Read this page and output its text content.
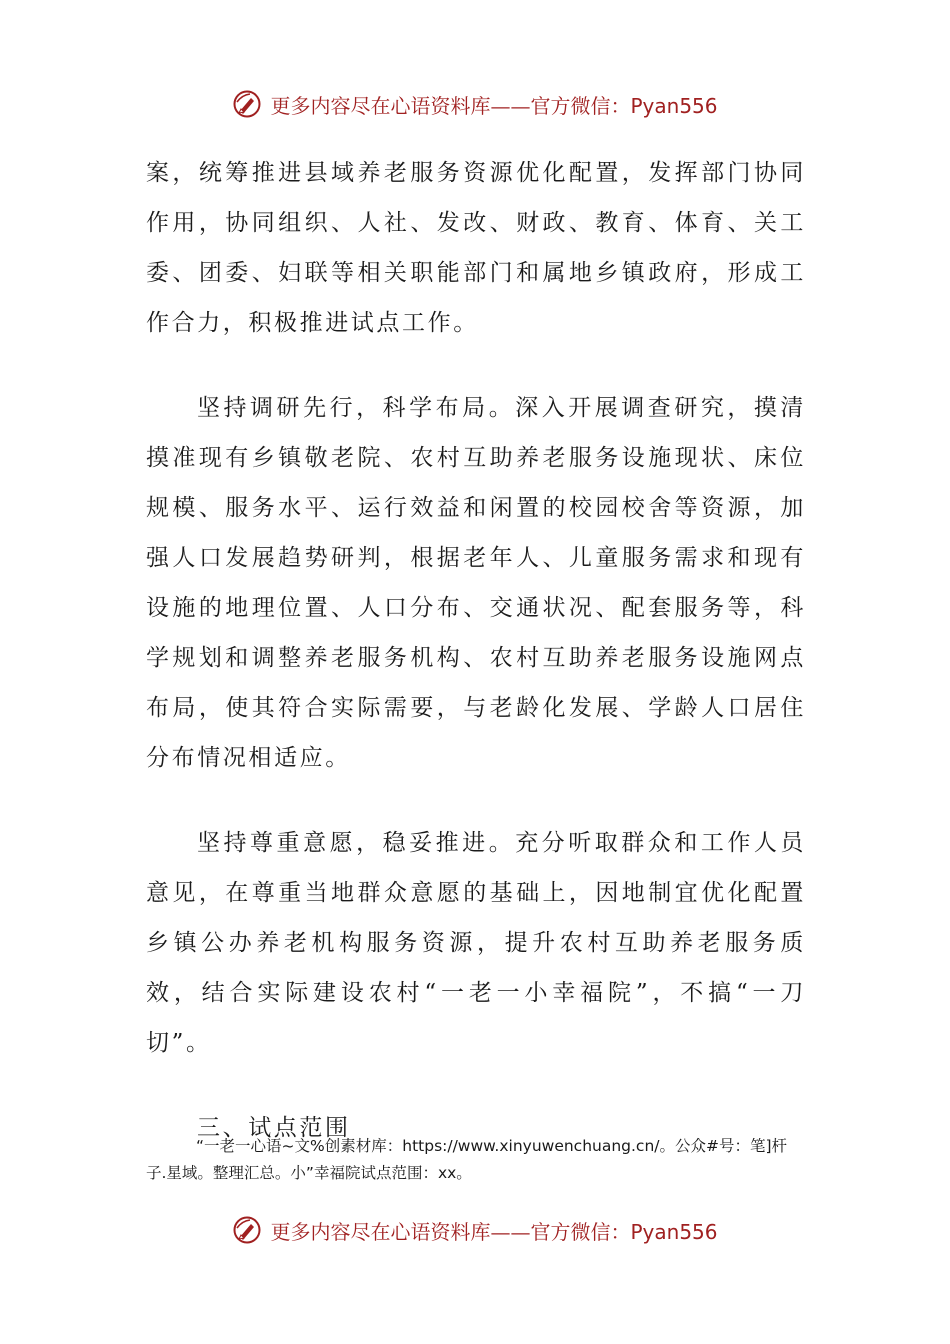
更多内容尽在心语资料库——官方微信：Pyan556

案，统筹推进县域养老服务资源优化配置，发挥部门协同作用，协同组织、人社、发改、财政、教育、体育、关工委、团委、妇联等相关职能部门和属地乡镇政府，形成工作合力，积极推进试点工作。

坚持调研先行，科学布局。深入开展调查研究，摸清摸准现有乡镇敬老院、农村互助养老服务设施现状、床位规模、服务水平、运行效益和闲置的校园校舍等资源，加强人口发展趋势研判，根据老年人、儿童服务需求和现有设施的地理位置、人口分布、交通状况、配套服务等，科学规划和调整养老服务机构、农村互助养老服务设施网点布局，使其符合实际需要，与老龄化发展、学龄人口居住分布情况相适应。

坚持尊重意愿，稳妥推进。充分听取群众和工作人员意见，在尊重当地群众意愿的基础上，因地制宜优化配置乡镇公办养老机构服务资源，提升农村互助养老服务质效，结合实际建设农村“一老一小幸福院”，不搞“一刀切”。

三、试点范围

“一老一心语~文%创素材库：https://www.xinyuwenchuang.cn/。公众#号：笔]杆子.星域。整理汇总。小”幸福院试点范围：xx。

更多内容尽在心语资料库——官方微信：Pyan556
